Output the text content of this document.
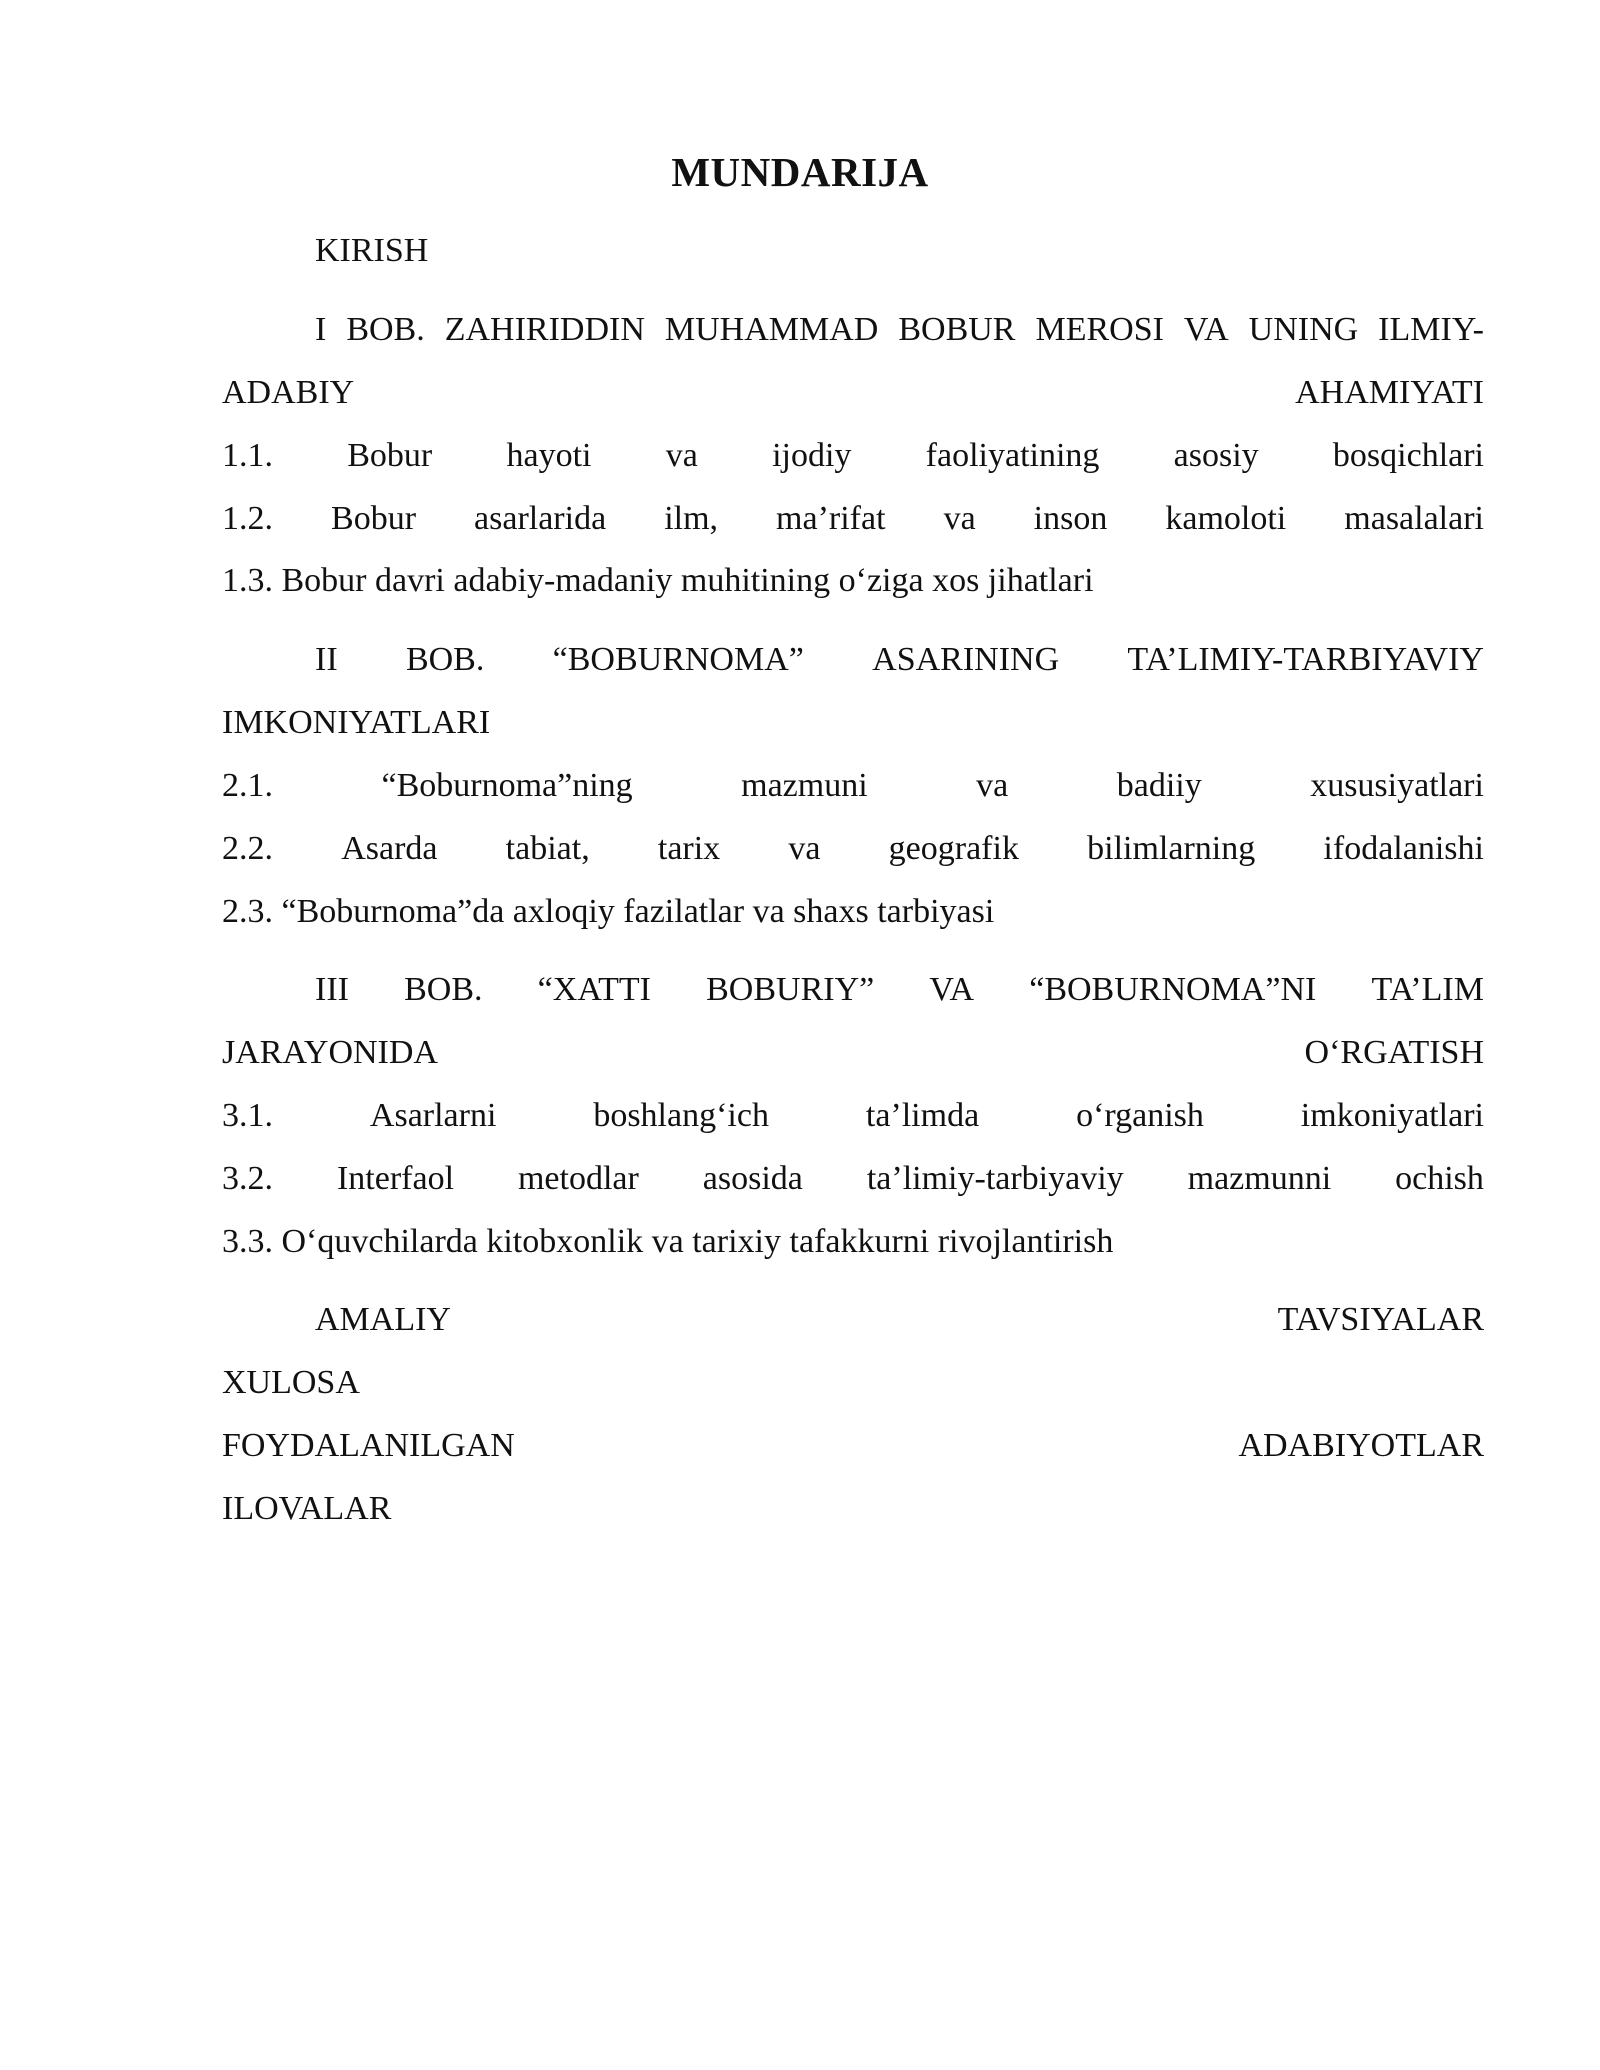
MUNDARIJA
KIRISH
I BOB. ZAHIRIDDIN MUHAMMAD BOBUR MEROSI VA UNING ILMIY-
ADABIY	AHAMIYATI
1.1. Bobur hayoti va ijodiy faoliyatining asosiy bosqichlari
1.2. Bobur asarlarida ilm, ma’rifat va inson kamoloti masalalari
1.3. Bobur davri adabiy-madaniy muhitining o‘ziga xos jihatlari
II BOB. “BOBURNOMA” ASARINING TA’LIMIY-TARBIYAVIY
IMKONIYATLARI
2.1.	“Boburnoma”ning	mazmuni	va	badiiy	xususiyatlari
2.2. Asarda tabiat, tarix va geografik bilimlarning ifodalanishi
2.3. “Boburnoma”da axloqiy fazilatlar va shaxs tarbiyasi
III BOB. “XATTI BOBURIY” VA “BOBURNOMA”NI TA’LIM
JARAYONIDA	O‘RGATISH
3.1.	Asarlarni	boshlang‘ich	ta’limda	o‘rganish	imkoniyatlari
3.2. Interfaol metodlar asosida ta’limiy-tarbiyaviy mazmunni ochish
3.3. O‘quvchilarda kitobxonlik va tarixiy tafakkurni rivojlantirish
AMALIY	TAVSIYALAR
XULOSA
FOYDALANILGAN	ADABIYOTLAR
ILOVALAR
